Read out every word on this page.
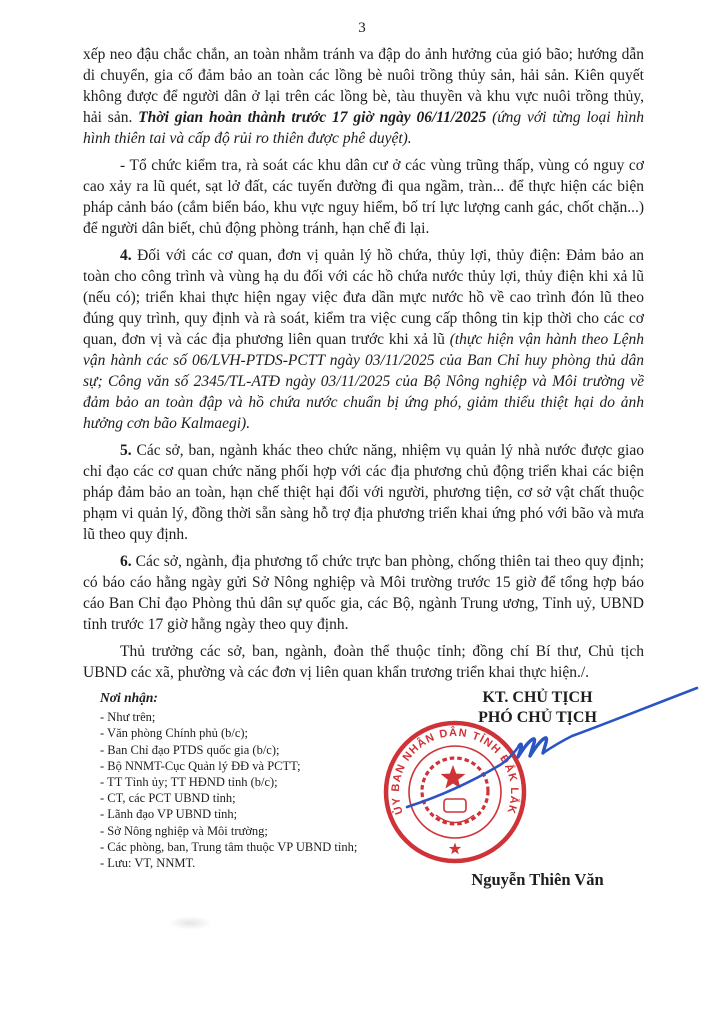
3

xếp neo đậu chắc chắn, an toàn nhằm tránh va đập do ảnh hưởng của gió bão; hướng dẫn di chuyển, gia cố đảm bảo an toàn các lồng bè nuôi trồng thủy sản, hải sản. Kiên quyết không được để người dân ở lại trên các lồng bè, tàu thuyền và khu vực nuôi trồng thủy, hải sản. Thời gian hoàn thành trước 17 giờ ngày 06/11/2025 (ứng với từng loại hình hình thiên tai và cấp độ rủi ro thiên được phê duyệt).

- Tổ chức kiểm tra, rà soát các khu dân cư ở các vùng trũng thấp, vùng có nguy cơ cao xảy ra lũ quét, sạt lở đất, các tuyến đường đi qua ngầm, tràn... để thực hiện các biện pháp cảnh báo (cắm biển báo, khu vực nguy hiểm, bố trí lực lượng canh gác, chốt chặn...) để người dân biết, chủ động phòng tránh, hạn chế đi lại.

4. Đối với các cơ quan, đơn vị quản lý hồ chứa, thủy lợi, thủy điện: Đảm bảo an toàn cho công trình và vùng hạ du đối với các hồ chứa nước thủy lợi, thủy điện khi xả lũ (nếu có); triển khai thực hiện ngay việc đưa dần mực nước hồ về cao trình đón lũ theo đúng quy trình, quy định và rà soát, kiểm tra việc cung cấp thông tin kịp thời cho các cơ quan, đơn vị và các địa phương liên quan trước khi xả lũ (thực hiện vận hành theo Lệnh vận hành các số 06/LVH-PTDS-PCTT ngày 03/11/2025 của Ban Chỉ huy phòng thủ dân sự; Công văn số 2345/TL-ATĐ ngày 03/11/2025 của Bộ Nông nghiệp và Môi trường về đảm bảo an toàn đập và hồ chứa nước chuẩn bị ứng phó, giảm thiểu thiệt hại do ảnh hưởng cơn bão Kalmaegi).

5. Các sở, ban, ngành khác theo chức năng, nhiệm vụ quản lý nhà nước được giao chỉ đạo các cơ quan chức năng phối hợp với các địa phương chủ động triển khai các biện pháp đảm bảo an toàn, hạn chế thiệt hại đối với người, phương tiện, cơ sở vật chất thuộc phạm vi quản lý, đồng thời sẵn sàng hỗ trợ địa phương triển khai ứng phó với bão và mưa lũ theo quy định.

6. Các sở, ngành, địa phương tổ chức trực ban phòng, chống thiên tai theo quy định; có báo cáo hằng ngày gửi Sở Nông nghiệp và Môi trường trước 15 giờ để tổng hợp báo cáo Ban Chỉ đạo Phòng thủ dân sự quốc gia, các Bộ, ngành Trung ương, Tỉnh uỷ, UBND tỉnh trước 17 giờ hằng ngày theo quy định.

Thủ trưởng các sở, ban, ngành, đoàn thể thuộc tỉnh; đồng chí Bí thư, Chủ tịch UBND các xã, phường và các đơn vị liên quan khẩn trương triển khai thực hiện./.

Nơi nhận:
- Như trên;
- Văn phòng Chính phủ (b/c);
- Ban Chỉ đạo PTDS quốc gia (b/c);
- Bộ NNMT-Cục Quản lý ĐĐ và PCTT;
- TT Tỉnh ủy; TT HĐND tỉnh (b/c);
- CT, các PCT UBND tỉnh;
- Lãnh đạo VP UBND tỉnh;
- Sở Nông nghiệp và Môi trường;
- Các phòng, ban, Trung tâm thuộc VP UBND tỉnh;
- Lưu: VT, NNMT.
KT. CHỦ TỊCH
PHÓ CHỦ TỊCH
ỦY BAN NHÂN DÂN TỈNH ĐẮK LẮK
Nguyễn Thiên Văn
